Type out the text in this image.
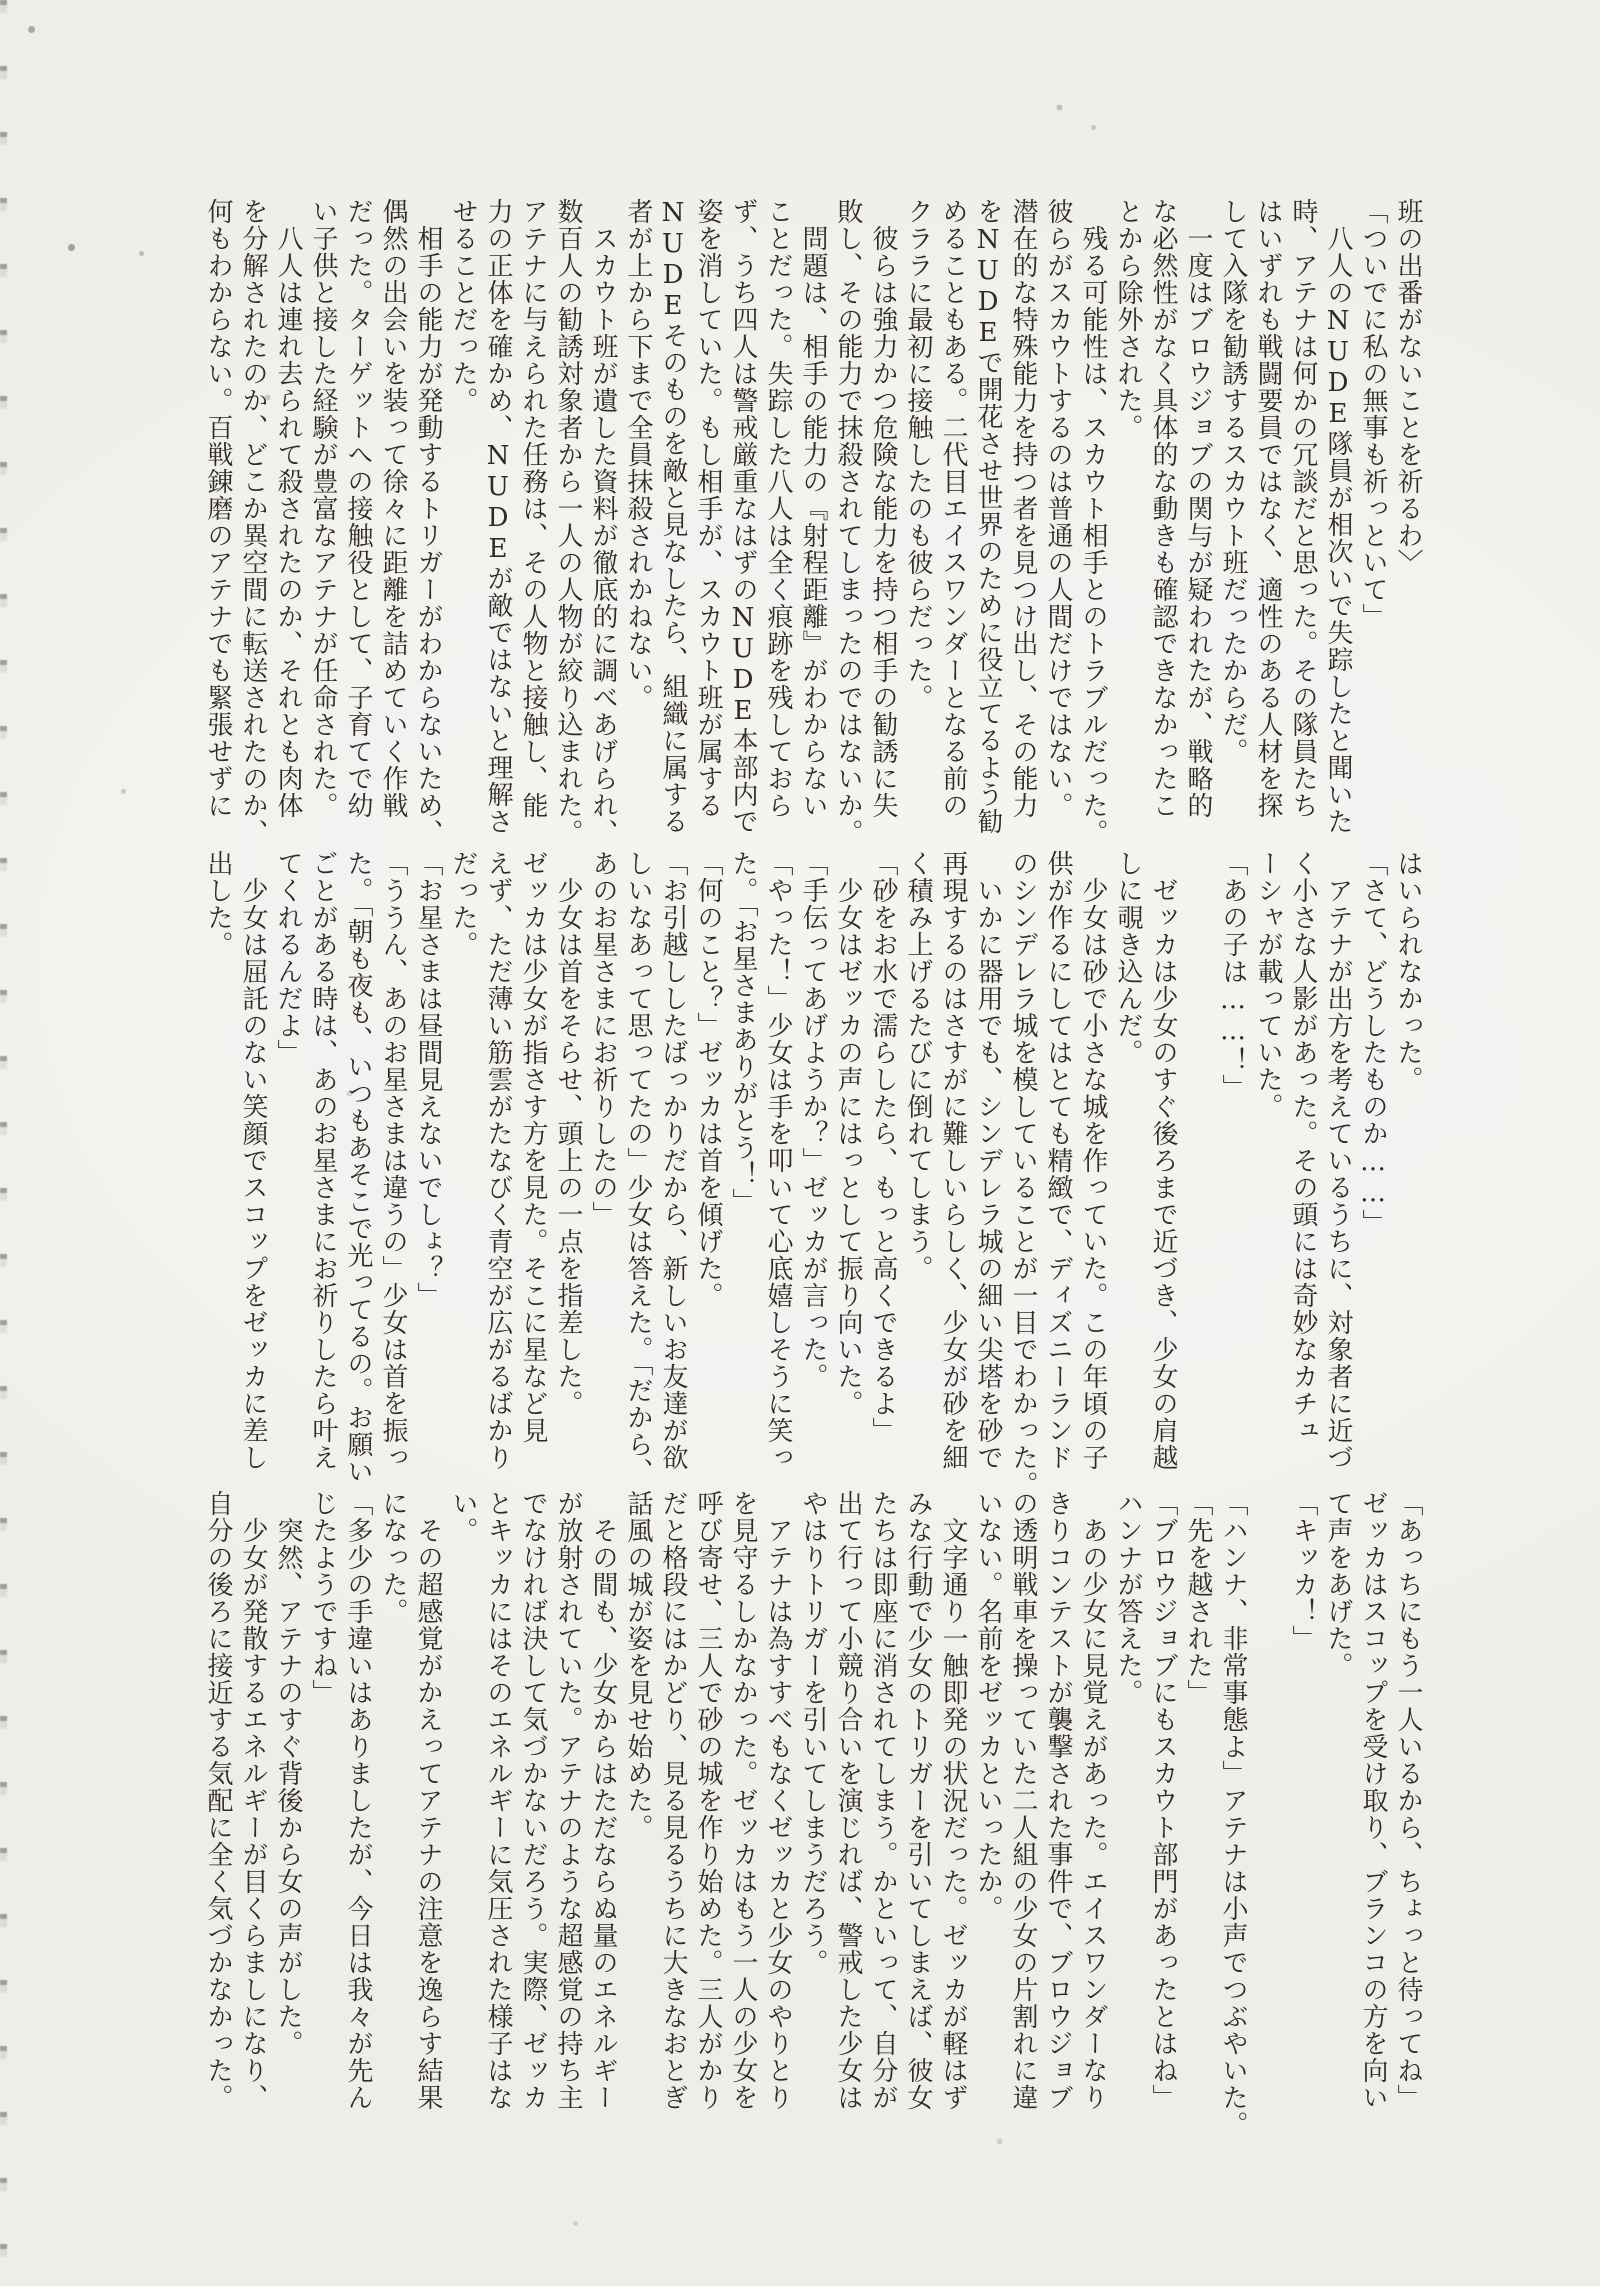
班の出番がないことを祈るわ〉
「ついでに私の無事も祈っといて」
　八人のNUDE隊員が相次いで失踪したと聞いた
時、アテナは何かの冗談だと思った。その隊員たち
はいずれも戦闘要員ではなく、適性のある人材を探
して入隊を勧誘するスカウト班だったからだ。
　一度はブロウジョブの関与が疑われたが、戦略的
な必然性がなく具体的な動きも確認できなかったこ
とから除外された。
　残る可能性は、スカウト相手とのトラブルだった。
彼らがスカウトするのは普通の人間だけではない。
潜在的な特殊能力を持つ者を見つけ出し、その能力
をNUDEで開花させ世界のために役立てるよう勧
めることもある。二代目エイスワンダーとなる前の
クララに最初に接触したのも彼らだった。
　彼らは強力かつ危険な能力を持つ相手の勧誘に失
敗し、その能力で抹殺されてしまったのではないか。
　問題は、相手の能力の『射程距離』がわからない
ことだった。失踪した八人は全く痕跡を残しておら
ず、うち四人は警戒厳重なはずのNUDE本部内で
姿を消していた。もし相手が、スカウト班が属する
NUDEそのものを敵と見なしたら、組織に属する
者が上から下まで全員抹殺されかねない。
　スカウト班が遺した資料が徹底的に調べあげられ、
数百人の勧誘対象者から一人の人物が絞り込まれた。
アテナに与えられた任務は、その人物と接触し、能
力の正体を確かめ、NUDEが敵ではないと理解さ
せることだった。
　相手の能力が発動するトリガーがわからないため、
偶然の出会いを装って徐々に距離を詰めていく作戦
だった。ターゲットへの接触役として、子育てで幼
い子供と接した経験が豊富なアテナが任命された。
　八人は連れ去られて殺されたのか、それとも肉体
を分解されたのか、どこか異空間に転送されたのか、
何もわからない。百戦錬磨のアテナでも緊張せずに
はいられなかった。
「さて、どうしたものか……」
　アテナが出方を考えているうちに、対象者に近づ
く小さな人影があった。その頭には奇妙なカチュ
ーシャが載っていた。
「あの子は……！」
　ゼッカは少女のすぐ後ろまで近づき、少女の肩越
しに覗き込んだ。
　少女は砂で小さな城を作っていた。この年頃の子
供が作るにしてはとても精緻で、ディズニーランド
のシンデレラ城を模していることが一目でわかった。
　いかに器用でも、シンデレラ城の細い尖塔を砂で
再現するのはさすがに難しいらしく、少女が砂を細
く積み上げるたびに倒れてしまう。
「砂をお水で濡らしたら、もっと高くできるよ」
　少女はゼッカの声にはっとして振り向いた。
「手伝ってあげようか？」ゼッカが言った。
「やった！」少女は手を叩いて心底嬉しそうに笑っ
た。「お星さまありがとう！」
「何のこと？」ゼッカは首を傾げた。
「お引越ししたばっかりだから、新しいお友達が欲
しいなあって思ってたの」少女は答えた。「だから、
あのお星さまにお祈りしたの」
　少女は首をそらせ、頭上の一点を指差した。
ゼッカは少女が指さす方を見た。そこに星など見
えず、ただ薄い筋雲がたなびく青空が広がるばかり
だった。
「お星さまは昼間見えないでしょ？」
「ううん、あのお星さまは違うの」少女は首を振っ
た。「朝も夜も、いつもあそこで光ってるの。お願い
ごとがある時は、あのお星さまにお祈りしたら叶え
てくれるんだよ」
　少女は屈託のない笑顔でスコップをゼッカに差し
出した。
「あっちにもう一人いるから、ちょっと待ってね」
ゼッカはスコップを受け取り、ブランコの方を向い
て声をあげた。
「キッカ！」
「ハンナ、非常事態よ」アテナは小声でつぶやいた。
「先を越された」
「ブロウジョブにもスカウト部門があったとはね」
ハンナが答えた。
　あの少女に見覚えがあった。エイスワンダーなり
きりコンテストが襲撃された事件で、ブロウジョブ
の透明戦車を操っていた二人組の少女の片割れに違
いない。名前をゼッカといったか。
　文字通り一触即発の状況だった。ゼッカが軽はず
みな行動で少女のトリガーを引いてしまえば、彼女
たちは即座に消されてしまう。かといって、自分が
出て行って小競り合いを演じれば、警戒した少女は
やはりトリガーを引いてしまうだろう。
　アテナは為すすべもなくゼッカと少女のやりとり
を見守るしかなかった。ゼッカはもう一人の少女を
呼び寄せ、三人で砂の城を作り始めた。三人がかり
だと格段にはかどり、見る見るうちに大きなおとぎ
話風の城が姿を見せ始めた。
　その間も、少女からはただならぬ量のエネルギー
が放射されていた。アテナのような超感覚の持ち主
でなければ決して気づかないだろう。実際、ゼッカ
とキッカにはそのエネルギーに気圧された様子はな
い。
　その超感覚がかえってアテナの注意を逸らす結果
になった。
「多少の手違いはありましたが、今日は我々が先ん
じたようですね」
　突然、アテナのすぐ背後から女の声がした。
　少女が発散するエネルギーが目くらましになり、
自分の後ろに接近する気配に全く気づかなかった。
